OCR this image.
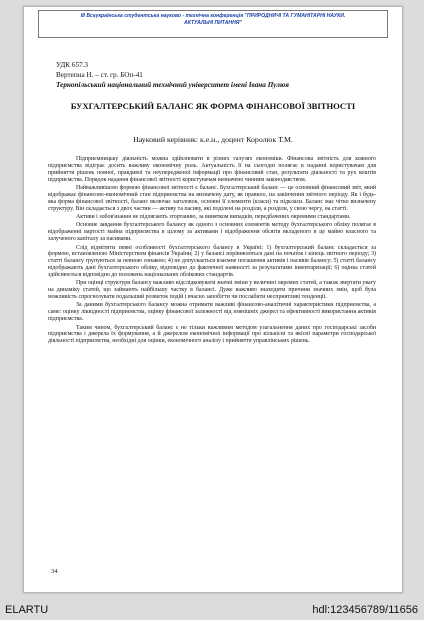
III Всеукраїнська студентська науково - технічна конференція "ПРИРОДНИЧІ ТА ГУМАНІТАРНІ НАУКИ.
АКТУАЛЬНІ ПИТАННЯ"
УДК 657.3
Вертепна Н. – ст. гр. БОп-41
Тернопільський національний технічний університет імені Івана Пулюя
БУХГАЛТЕРСЬКИЙ БАЛАНС ЯК ФОРМА ФІНАНСОВОЇ ЗВІТНОСТІ
Науковий керівник: к.е.н., доцент Королюк Т.М.

Підприємницьку діяльність можна здійснювати в різних галузях економіки. Фінансова звітність для кожного підприємства відіграє досить важливу економічну роль. Актуальність її на сьогодні полягає в наданні користувачам для прийняття рішень повної, правдивої та неупередженої інформації про фінансовий стан, результати діяльності та рух коштів підприємства. Порядок надання фінансової звітності користувачам визначено чинним законодавством.

Найважливішою формою фінансової звітності є баланс. Бухгалтерський баланс — це основний фінансовий звіт, який відображає фінансово-економічний стан підприємства на визначену дату, як правило, на закінчення звітного періоду. Як і будь-яка форма фінансової звітності, баланс включає заголовок, основні її елементи (класи) та підкласи. Баланс має чітко визначену структуру. Він складається з двох частин — активу та пасиву, які поділені на розділи, а розділи, у свою чергу, на статті.

Активи і зобов'язання не підлягають згортанню, за винятком випадків, передбачених окремими стандартами.

Основне завдання бухгалтерського балансу як одного з основних елементів методу бухгалтерського обліку полягає в відображенні вартості майна підприємства в цілому за активами і відображення обсягів вкладеного в це майно власного та залученого капіталу за пасивами.

Слід відмітити певні особливості бухгалтерського балансу в Україні: 1) бухгалтерський баланс складається за формою, встановленою Міністерством фінансів України; 2) у балансі порівнюються дані на початок і кінець звітного періоду; 3) статті балансу групуються за певною ознакою; 4) не допускається взаємне погашення активів і пасивів балансу; 5) статті балансу відображають дані бухгалтерського обліку, відповідно до фактичної наявності за результатами інвентаризації; 6) оцінка статей здійснюється відповідно до положень національних облікових стандартів.

При оцінці структури балансу важливо відслідковувати значні зміни у величині окремих статей, а також звертати увагу на динаміку статей, що займають найбільшу частку в балансі. Дуже важливо знаходити причини значних змін, щоб була можливість спрогнозувати подальший розвиток подій і вчасно запобігти чи послабити несприятливі тенденції.

За даними бухгалтерського балансу можна отримати важливі фінансово-аналітичні характеристики підприємства, а саме: оцінку ліквідності підприємства, оцінку фінансової залежності від зовнішніх джерел та ефективності використання активів підприємства.

Таким чином, бухгалтерський баланс є не тільки важливим методом узагальнення даних про господарські засоби підприємства і джерела їх формування, а й джерелом економічної інформації про кількісні та якісні параметри господарської діяльності підприємства, необхідні для оцінки, економічного аналізу і прийняття управлінських рішень.

34
ELARTU	hdl:123456789/11656
